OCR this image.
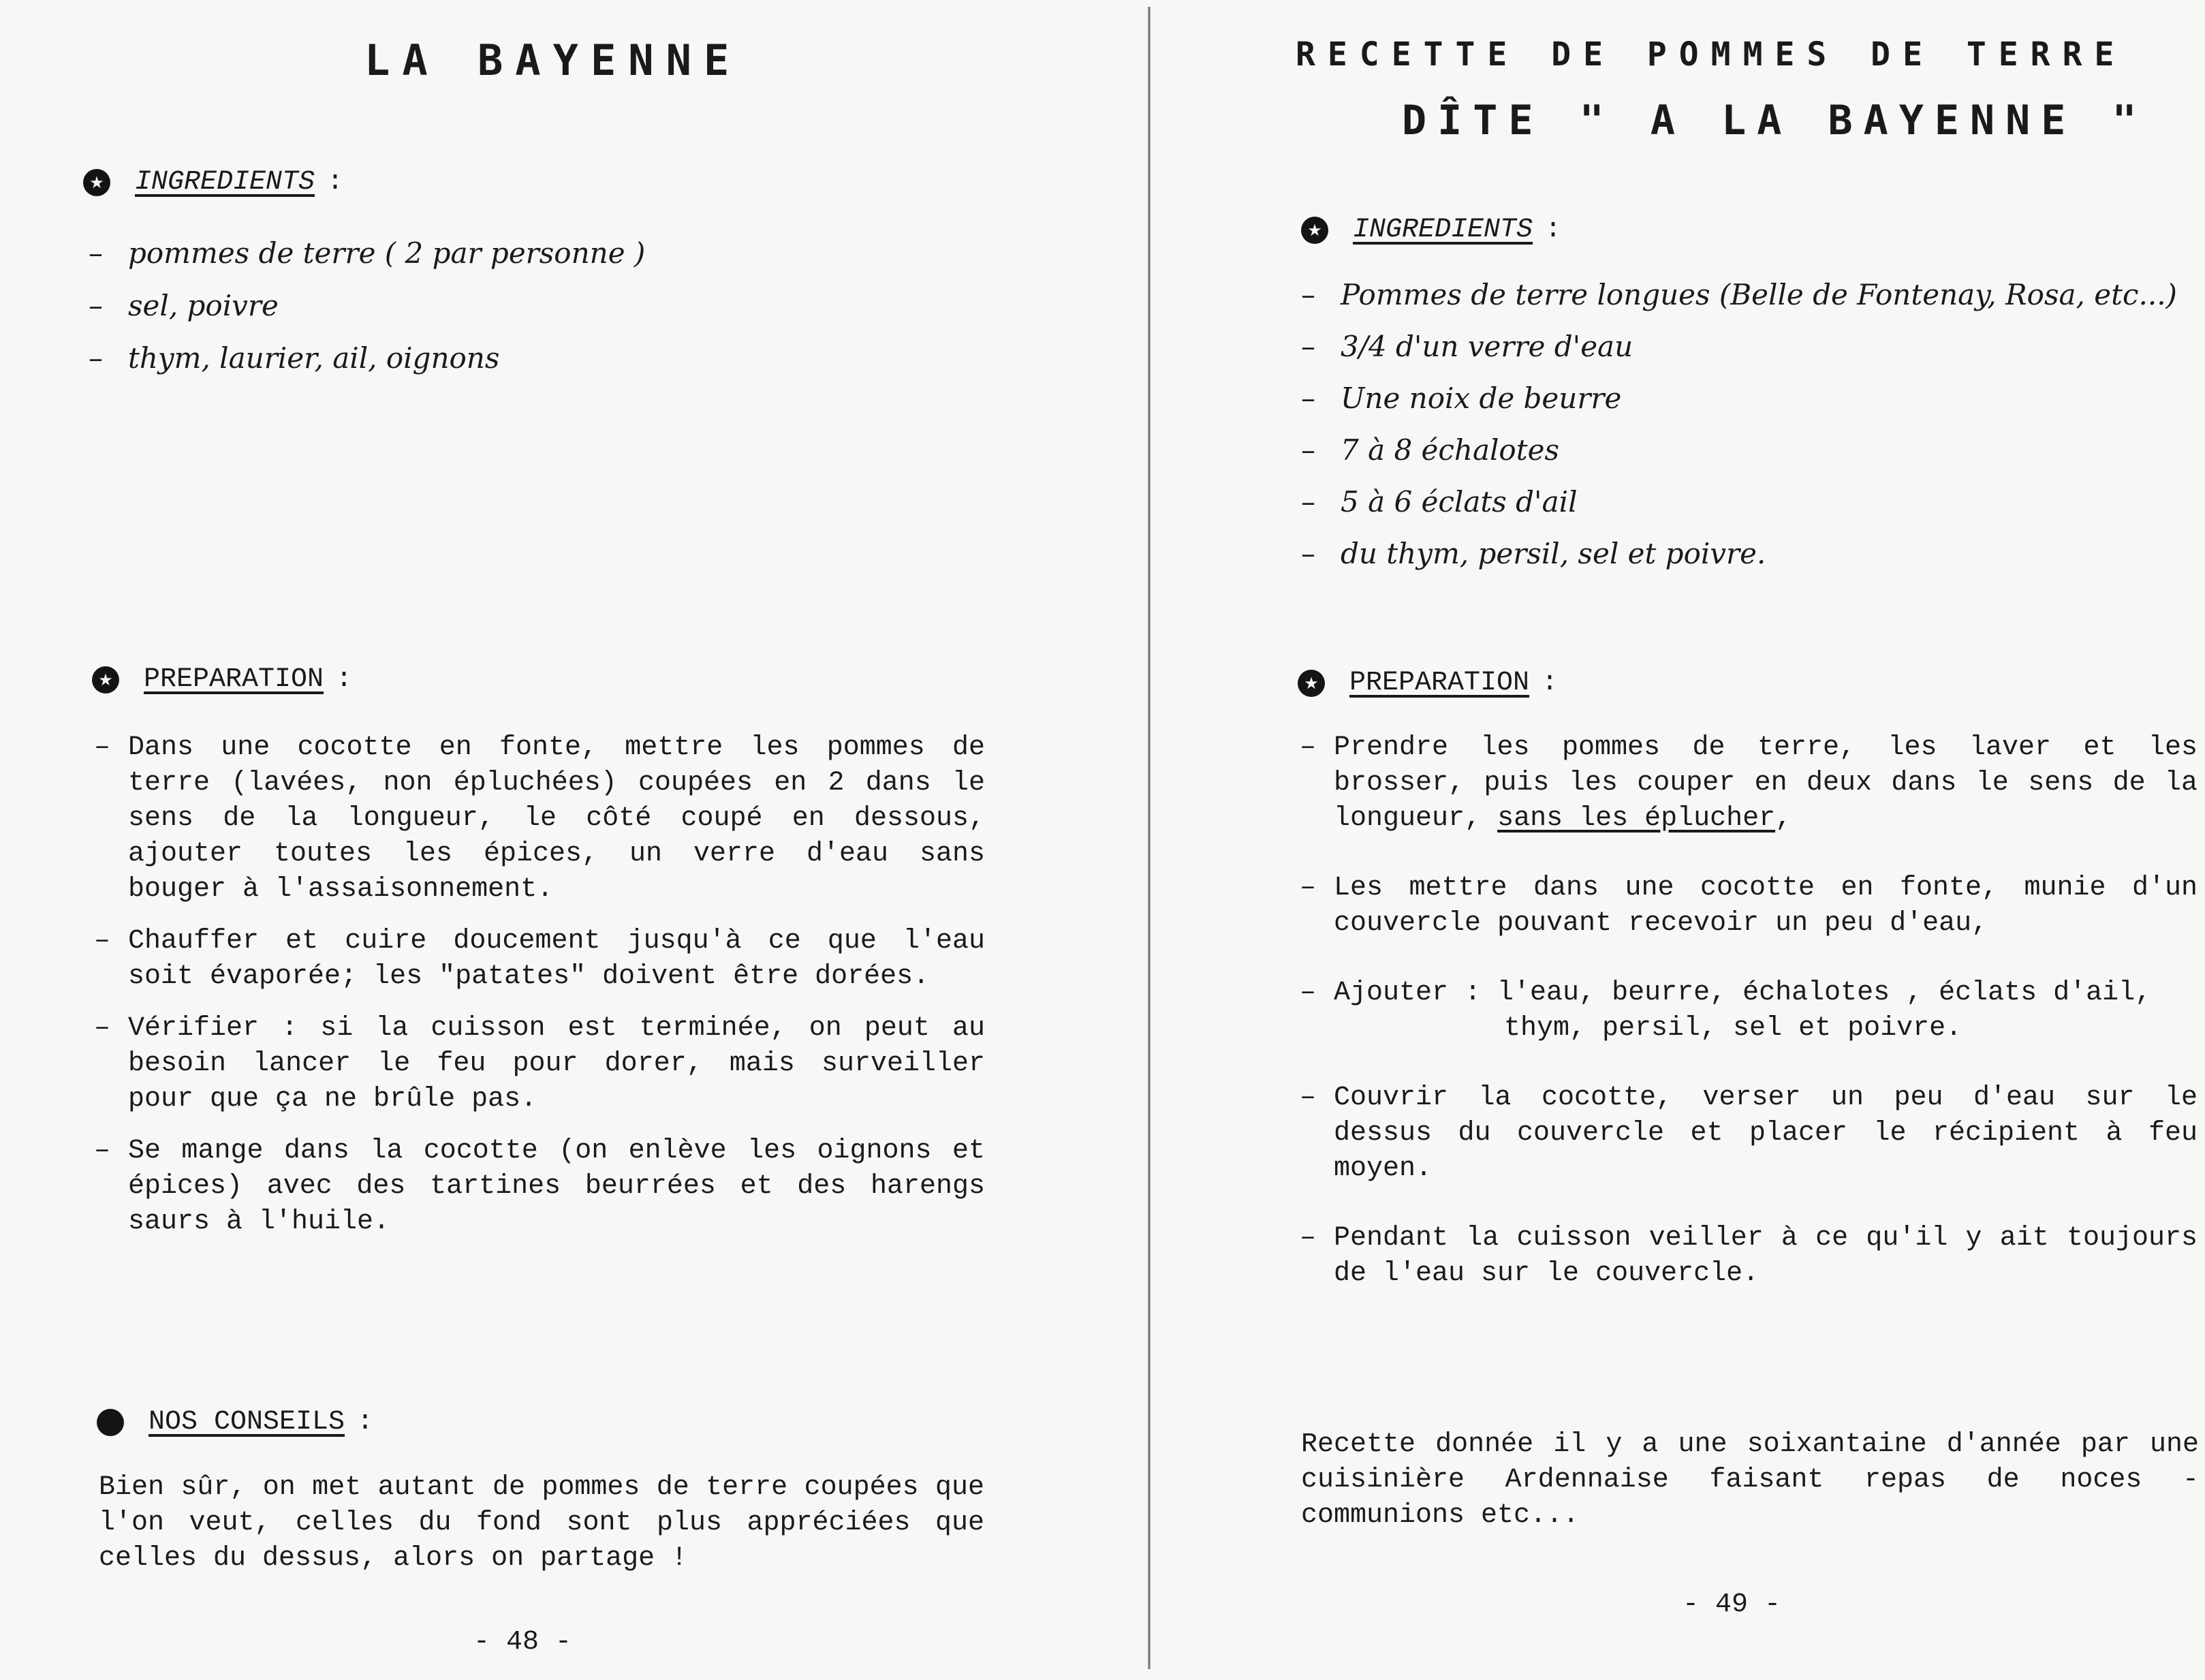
LA BAYENNE
★
INGREDIENTS :
– pommes de terre ( 2 par personne )
– sel, poivre
– thym, laurier, ail, oignons
★
PREPARATION :
– Dans une cocotte en fonte, mettre les pommes de terre (lavées, non épluchées) coupées en 2 dans le sens de la longueur, le côté coupé en dessous, ajouter toutes les épices, un verre d'eau sans bouger à l'assaisonnement.
– Chauffer et cuire doucement jusqu'à ce que l'eau soit évaporée; les "patates" doivent être dorées.
– Vérifier : si la cuisson est terminée, on peut au besoin lancer le feu pour dorer, mais surveiller pour que ça ne brûle pas.
– Se mange dans la cocotte (on enlève les oignons et épices) avec des tartines beurrées et des harengs saurs à l'huile.
NOS CONSEILS :

Bien sûr, on met autant de pommes de terre coupées que l'on veut, celles du fond sont plus appréciées que celles du dessus, alors on partage !

- 48 -
RECETTE DE POMMES DE TERRE
DÎTE " A LA BAYENNE "
★
INGREDIENTS :
– Pommes de terre longues (Belle de Fontenay, Rosa, etc...)
– 3/4 d'un verre d'eau
– Une noix de beurre
– 7 à 8 échalotes
– 5 à 6 éclats d'ail
– du thym, persil, sel et poivre.
★
PREPARATION :
– Prendre les pommes de terre, les laver et les brosser, puis les couper en deux dans le sens de la longueur, sans les éplucher,
– Les mettre dans une cocotte en fonte, munie d'un couvercle pouvant recevoir un peu d'eau,
– Ajouter : l'eau, beurre, échalotes , éclats d'ail,
thym, persil, sel et poivre.
– Couvrir la cocotte, verser un peu d'eau sur le dessus du couvercle et placer le récipient à feu moyen.
– Pendant la cuisson veiller à ce qu'il y ait toujours de l'eau sur le couvercle.

Recette donnée il y a une soixantaine d'année par une cuisinière Ardennaise faisant repas de noces - communions etc...

- 49 -
